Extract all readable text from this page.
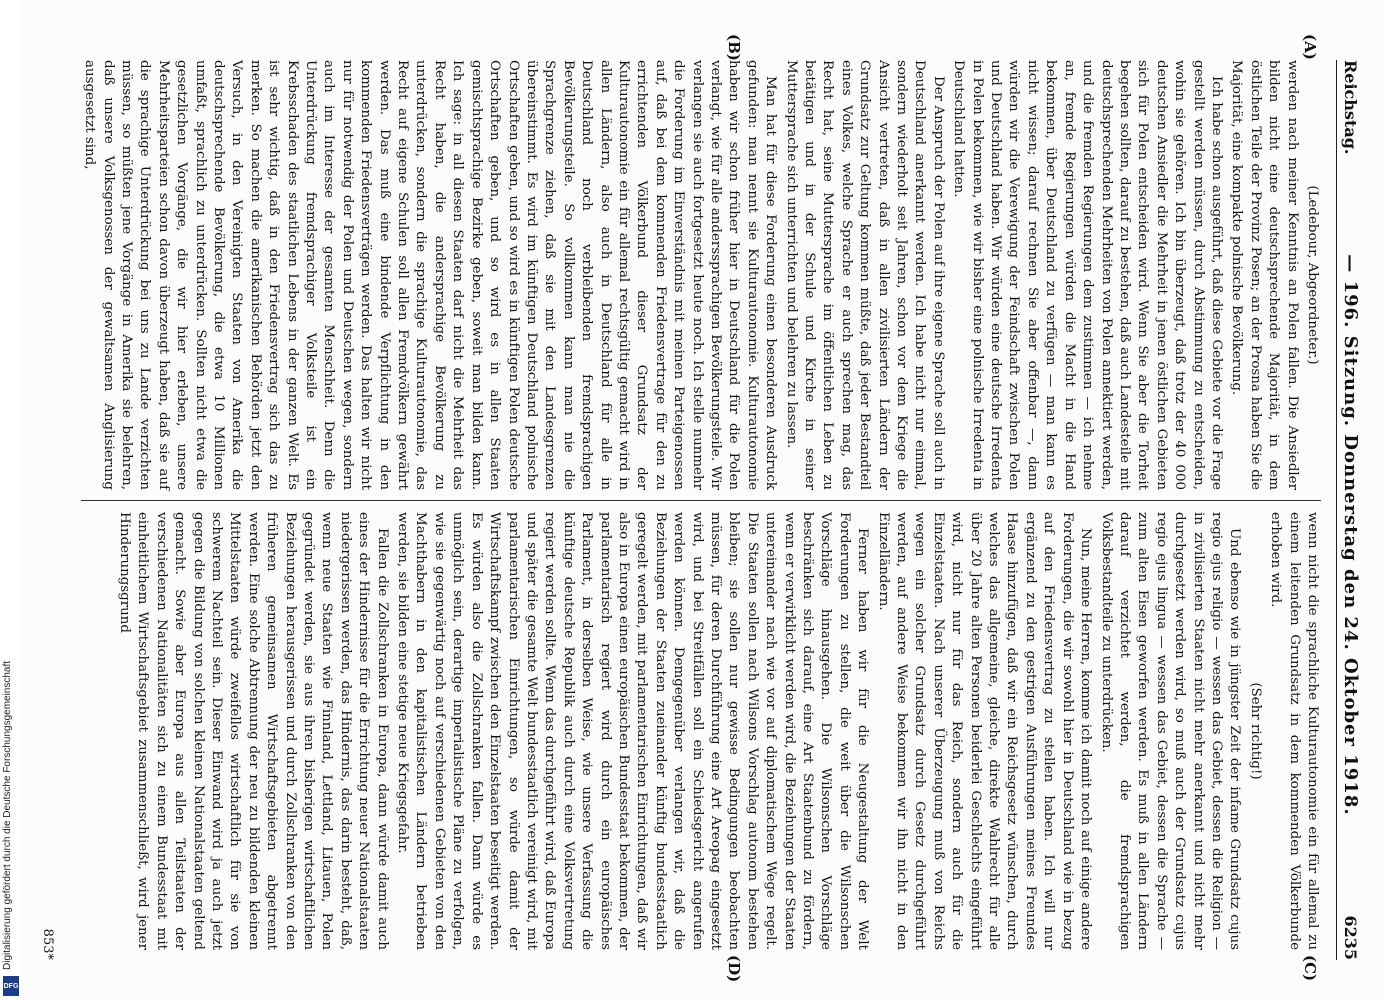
Reichstag.
— 196. Sitzung. Donnerstag den 24. Oktober 1918.
6235
(A)
(B)
(C)
(D)

(Ledebour, Abgeordneter.)

werden nach meiner Kenntnis an Polen fallen. Die Ansiedler bilden nicht eine deutschsprechende Majorität, in dem östlichen Teile der Provinz Posen; an der Prosna haben Sie die Majorität, eine kompakte polnische Bevölkerung.

Ich habe schon ausgeführt, daß diese Gebiete vor die Frage gestellt werden müssen, durch Abstimmung zu entscheiden, wohin sie gehören. Ich bin überzeugt, daß trotz der 40 000 deutschen Ansiedler die Mehrheit in jenen östlichen Gebieten sich für Polen entscheiden wird. Wenn Sie aber die Torheit begehen sollten, darauf zu bestehen, daß auch Landesteile mit deutschsprechenden Mehrheiten von Polen annektiert werden, und die fremden Regierungen dem zustimmen — ich nehme an, fremde Regierungen würden die Macht in die Hand bekommen, über Deutschland zu verfügen — man kann es nicht wissen; darauf rechnen Sie aber offenbar —, dann würden wir die Verewigung der Feindschaft zwischen Polen und Deutschland haben. Wir würden eine deutsche Irredenta in Polen bekommen, wie wir bisher eine polnische Irredenta in Deutschland hatten.

Der Anspruch der Polen auf ihre eigene Sprache soll auch in Deutschland anerkannt werden. Ich habe nicht nur einmal, sondern wiederholt seit Jahren, schon vor dem Kriege die Ansicht vertreten, daß in allen zivilisierten Ländern der Grundsatz zur Geltung kommen müßte, daß jeder Bestandteil eines Volkes, welche Sprache er auch sprechen mag, das Recht hat, seine Muttersprache im öffentlichen Leben zu betätigen und in der Schule und Kirche in seiner Muttersprache sich unterrichten und belehren zu lassen.

Man hat für diese Forderung einen besonderen Ausdruck gefunden: man nennt sie Kulturautonomie. Kulturautonomie haben wir schon früher hier in Deutschland für die Polen verlangt, wie für alle anderssprachigen Bevölkerungsteile. Wir verlangen sie auch fortgesetzt heute noch. Ich stelle nunmehr die Forderung im Einverständnis mit meinen Parteigenossen auf, daß bei dem kommenden Friedensvertrage für den zu errichtenden Völkerbund dieser Grundsatz der Kulturautonomie ein für allemal rechtsgültig gemacht wird in allen Ländern, also auch in Deutschland für alle in Deutschland noch verbleibenden fremdsprachigen Bevölkerungsteile. So vollkommen kann man nie die Sprachgrenze ziehen, daß sie mit den Landesgrenzen übereinstimmt. Es wird im künftigen Deutschland polnische Ortschaften geben, und so wird es in künftigen Polen deutsche Ortschaften geben, und so wird es in allen Staaten gemischtsprachige Bezirke geben, soweit man bilden kann. Ich sage: in all diesen Staaten darf nicht die Mehrheit das Recht haben, die andersprachige Bevölkerung zu unterdrücken, sondern die sprachige Kulturautonomie, das Recht auf eigene Schulen soll allen Fremdvölkern gewährt werden. Das muß eine bindende Verpflichtung in den kommenden Friedensverträgen werden. Das halten wir nicht nur für notwendig der Polen und Deutschen wegen, sondern auch im Interesse der gesamten Menschheit. Denn die Unterdrückung fremdsprachiger Volksteile ist ein Krebsschaden des staatlichen Lebens in der ganzen Welt. Es ist sehr wichtig, daß in den Friedensvertrag sich das zu merken. So machen die amerikanischen Behörden jetzt den Versuch, in den Vereinigten Staaten von Amerika die deutschsprechende Bevölkerung, die etwa 10 Millionen umfaßt, sprachlich zu unterdrücken. Sollten nicht etwa die gesetzlichen Vorgänge, die wir hier erleben, unsere Mehrheitsparteien schon davon überzeugt haben, daß sie auf die sprachige Unterdrückung bei uns zu Lande verzichten müssen, so müßten jene Vorgänge in Amerika sie belehren, daß unsere Volksgenossen der gewaltsamen Anglisierung ausgesetzt sind,

wenn nicht die sprachliche Kulturautonomie ein für allemal zu einem leitenden Grundsatz in dem kommenden Völkerbunde erhoben wird.

(Sehr richtig!)

Und ebenso wie in jüngster Zeit der infame Grundsatz cujus regio ejus religio — wessen das Gebiet, dessen die Religion — in zivilisierten Staaten nicht mehr anerkannt und nicht mehr durchgesetzt werden wird, so muß auch der Grundsatz cujus regio ejus lingua — wessen das Gebiet, dessen die Sprache — zum alten Eisen geworfen werden. Es muß in allen Ländern darauf verzichtet werden, die fremdsprachigen Volksbestandteile zu unterdrücken.

Nun, meine Herren, komme ich damit noch auf einige andere Forderungen, die wir sowohl hier in Deutschland wie in bezug auf den Friedensvertrag zu stellen haben. Ich will nur ergänzend zu den gestrigen Ausführungen meines Freundes Haase hinzufügen, daß wir ein Reichsgesetz wünschen, durch welches das allgemeine, gleiche, direkte Wahlrecht für alle über 20 Jahre alten Personen beiderlei Geschlechts eingeführt wird, nicht nur für das Reich, sondern auch für die Einzelstaaten. Nach unserer Überzeugung muß von Reichs wegen ein solcher Grundsatz durch Gesetz durchgeführt werden, auf andere Weise bekommen wir ihn nicht in den Einzelländern.

Ferner haben wir für die Neugestaltung der Welt Forderungen zu stellen, die weit über die Wilsonschen Vorschläge hinausgehen. Die Wilsonschen Vorschläge beschränken sich darauf, eine Art Staatenbund zu fördern, wenn er verwirklicht werden wird, die Beziehungen der Staaten untereinander nach wie vor auf diplomatischem Wege regelt. Die Staaten sollen nach Wilsons Vorschlag autonom bestehen bleiben; sie sollen nur gewisse Bedingungen beobachten müssen, für deren Durchführung eine Art Areopag eingesetzt wird, und bei Streitfällen soll ein Schiedsgericht angerufen werden können. Demgegenüber verlangen wir, daß die Beziehungen der Staaten zueinander künftig bundesstaatlich geregelt werden, mit parlamentarischen Einrichtungen, daß wir also in Europa einen europäischen Bundesstaat bekommen, der parlamentarisch regiert wird durch ein europäisches Parlament, in derselben Weise, wie unsere Verfassung die künftige deutsche Republik auch durch eine Volksvertretung regiert werden sollte. Wenn das durchgeführt wird, daß Europa und später die gesamte Welt bundesstaatlich vereinigt wird, mit parlamentarischen Einrichtungen, so würde damit der Wirtschaftskampf zwischen den Einzelstaaten beseitigt werden. Es würden also die Zollschranken fallen. Dann würde es unmöglich sein, derartige imperialistische Pläne zu verfolgen, wie sie gegenwärtig noch auf verschiedenen Gebieten von den Machthabern in den kapitalistischen Ländern betrieben werden, sie bilden eine stetige neue Kriegsgefahr.

Fallen die Zollschranken in Europa, dann würde damit auch eines der Hindernisse für die Errichtung neuer Nationalstaaten niedergerissen werden, das Hindernis, das darin besteht, daß, wenn neue Staaten wie Finnland, Lettland, Litauen, Polen gegründet werden, sie aus ihren bisherigen wirtschaftlichen Beziehungen herausgerissen und durch Zollschranken von den früheren gemeinsamen Wirtschaftsgebieten abgetrennt werden. Eine solche Abtrennung der neu zu bildenden kleinen Mittelstaaten würde zweifellos wirtschaftlich für sie von schwerem Nachteil sein. Dieser Einwand wird ja auch jetzt gegen die Bildung von solchen kleinen Nationalstaaten geltend gemacht. Sowie aber Europa aus allen Teilstaaten der verschiedenen Nationalitäten sich zu einem Bundesstaat mit einheitlichem Wirtschaftsgebiet zusammenschließt, wird jener Hinderungsgrund

853*
Digitalisierung gefördert durch die Deutsche Forschungsgemeinschaft
DFG
